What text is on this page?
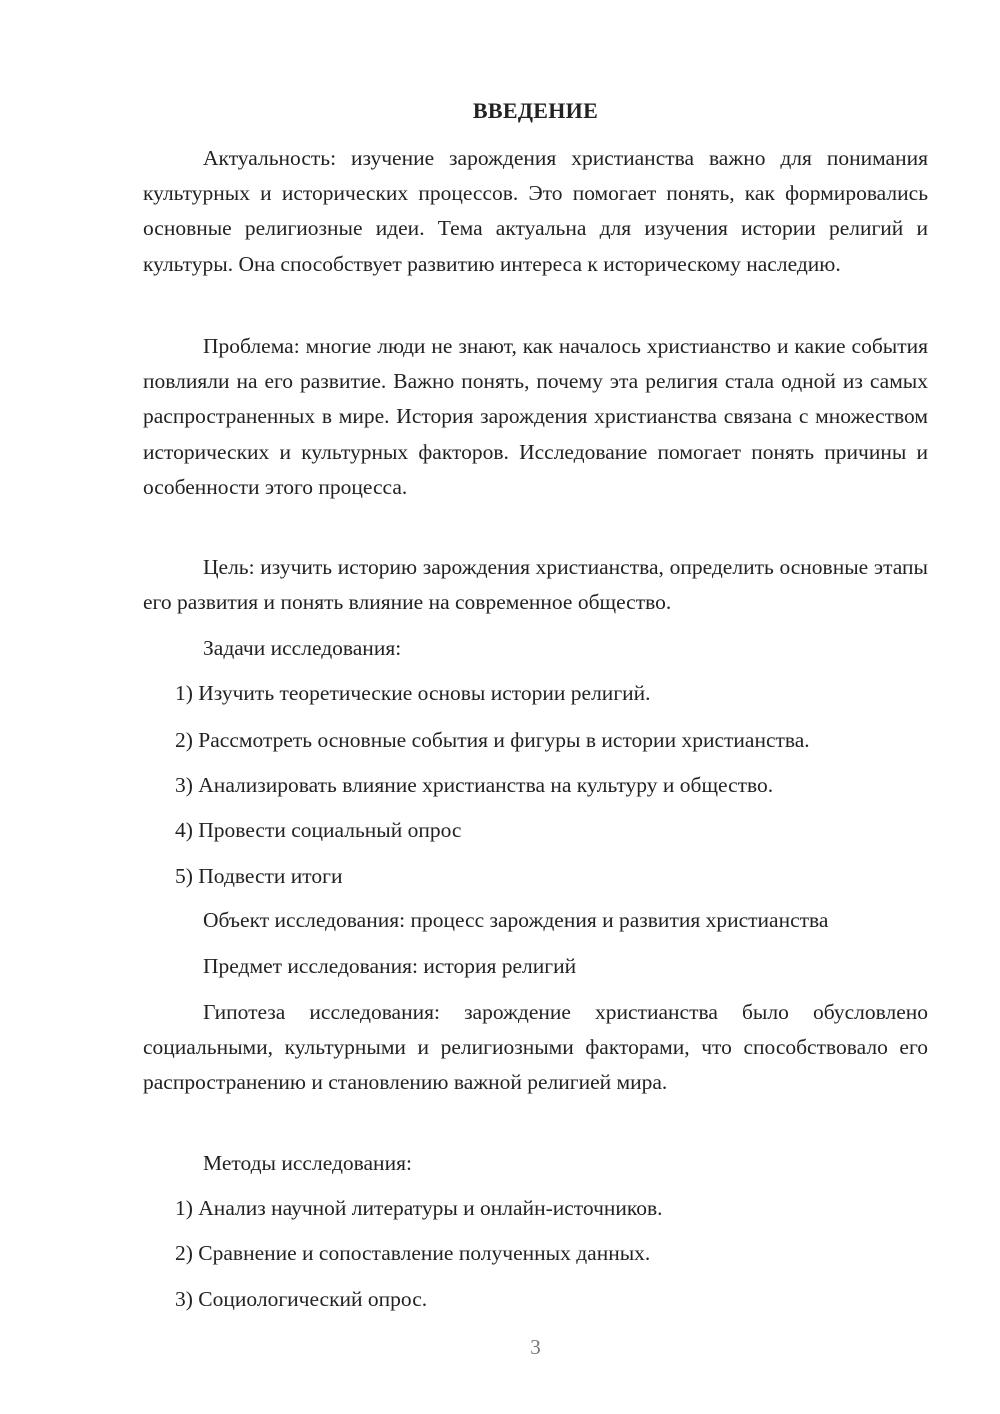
ВВЕДЕНИЕ

Актуальность: изучение зарождения христианства важно для понимания культурных и исторических процессов. Это помогает понять, как формировались основные религиозные идеи. Тема актуальна для изучения истории религий и культуры. Она способствует развитию интереса к историческому наследию.

Проблема: многие люди не знают, как началось христианство и какие события повлияли на его развитие. Важно понять, почему эта религия стала одной из самых распространенных в мире. История зарождения христианства связана с множеством исторических и культурных факторов. Исследование помогает понять причины и особенности этого процесса.

Цель: изучить историю зарождения христианства, определить основные этапы его развития и понять влияние на современное общество.

Задачи исследования:

1) Изучить теоретические основы истории религий.

2) Рассмотреть основные события и фигуры в истории христианства.

3) Анализировать влияние христианства на культуру и общество.

4) Провести социальный опрос

5) Подвести итоги

Объект исследования: процесс зарождения и развития христианства

Предмет исследования: история религий

Гипотеза исследования: зарождение христианства было обусловлено социальными, культурными и религиозными факторами, что способствовало его распространению и становлению важной религией мира.

Методы исследования:

1) Анализ научной литературы и онлайн-источников.

2) Сравнение и сопоставление полученных данных.

3) Социологический опрос.

3
